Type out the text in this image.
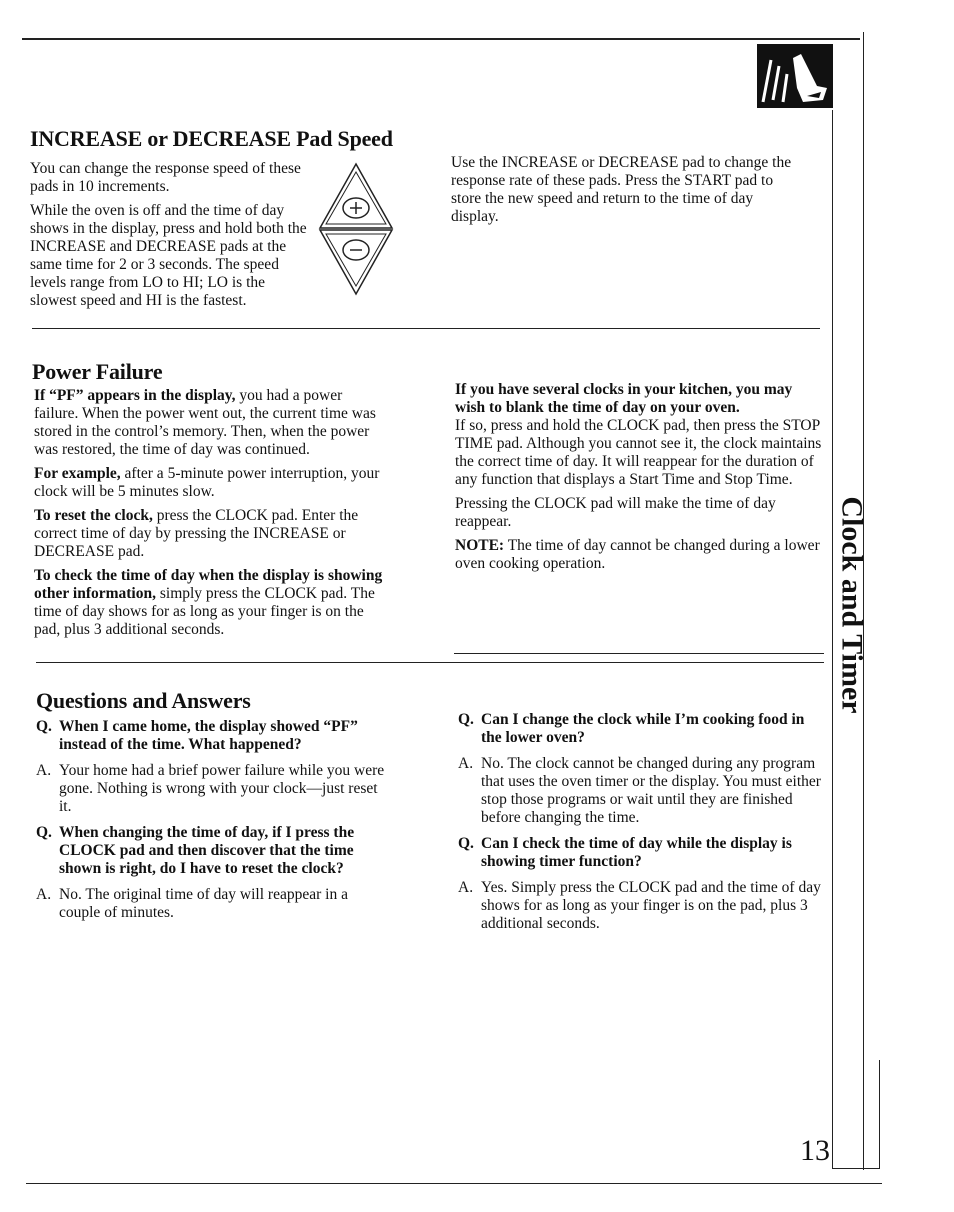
INCREASE or DECREASE Pad Speed

You can change the response speed of these pads in 10 increments.

While the oven is off and the time of day shows in the display, press and hold both the INCREASE and DECREASE pads at the same time for 2 or 3 seconds. The speed levels range from LO to HI; LO is the slowest speed and HI is the fastest.

Use the INCREASE or DECREASE pad to change the response rate of these pads. Press the START pad to store the new speed and return to the time of day display.
Power Failure

If “PF” appears in the display, you had a power failure. When the power went out, the current time was stored in the control’s memory. Then, when the power was restored, the time of day was continued.

For example, after a 5-minute power interruption, your clock will be 5 minutes slow.

To reset the clock, press the CLOCK pad. Enter the correct time of day by pressing the INCREASE or DECREASE pad.

To check the time of day when the display is showing other information, simply press the CLOCK pad. The time of day shows for as long as your finger is on the pad, plus 3 additional seconds.

If you have several clocks in your kitchen, you may wish to blank the time of day on your oven.
If so, press and hold the CLOCK pad, then press the STOP TIME pad. Although you cannot see it, the clock maintains the correct time of day. It will reappear for the duration of any function that displays a Start Time and Stop Time.

Pressing the CLOCK pad will make the time of day reappear.

NOTE: The time of day cannot be changed during a lower oven cooking operation.

Questions and Answers
Q. When I came home, the display showed “PF” instead of the time. What happened?
A. Your home had a brief power failure while you were gone. Nothing is wrong with your clock—just reset it.
Q. When changing the time of day, if I press the CLOCK pad and then discover that the time shown is right, do I have to reset the clock?
A. No. The original time of day will reappear in a couple of minutes.
Q. Can I change the clock while I’m cooking food in the lower oven?
A. No. The clock cannot be changed during any program that uses the oven timer or the display. You must either stop those programs or wait until they are finished before changing the time.
Q. Can I check the time of day while the display is showing timer function?
A. Yes. Simply press the CLOCK pad and the time of day shows for as long as your finger is on the pad, plus 3 additional seconds.
Clock and Timer
13
